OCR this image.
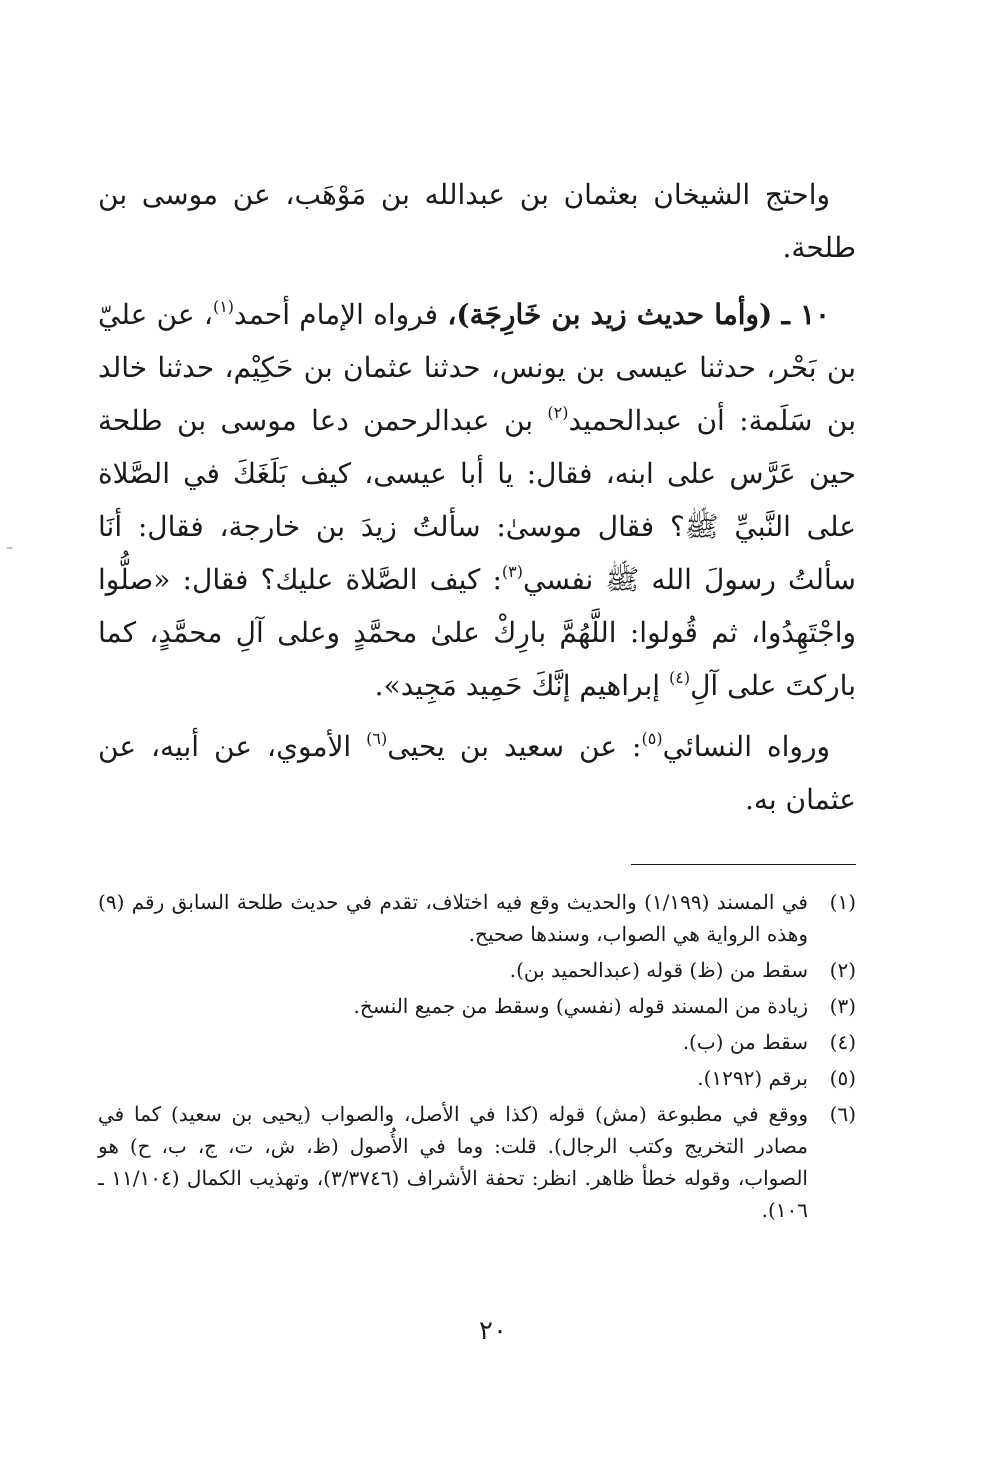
واحتج الشيخان بعثمان بن عبدالله بن مَوْهَب، عن موسى بن طلحة.

١٠ ـ (وأما حديث زيد بن خَارِجَة)، فرواه الإمام أحمد$^{(١)}$، عن عليّ بن بَحْر، حدثنا عيسى بن يونس، حدثنا عثمان بن حَكِيْم، حدثنا خالد بن سَلَمة: أن عبدالحميد$^{(٢)}$ بن عبدالرحمن دعا موسى بن طلحة حين عَرَّس على ابنه، فقال: يا أبا عيسى، كيف بَلَغَكَ في الصَّلاة على النَّبيِّ ﷺ؟ فقال موسىٰ: سألتُ زيدَ بن خارجة، فقال: أنَا سألتُ رسولَ الله ﷺ نفسي$^{(٣)}$: كيف الصَّلاة عليك؟ فقال: «صلُّوا واجْتَهِدُوا، ثم قُولوا: اللَّهُمَّ بارِكْ علىٰ محمَّدٍ وعلى آلِ محمَّدٍ، كما باركتَ على آلِ$^{(٤)}$ إبراهيم إنَّكَ حَمِيد مَجِيد».

ورواه النسائي$^{(٥)}$: عن سعيد بن يحيى$^{(٦)}$ الأموي، عن أبيه، عن عثمان به.

(١)
في المسند (١/١٩٩) والحديث وقع فيه اختلاف، تقدم في حديث طلحة السابق رقم (٩) وهذه الرواية هي الصواب، وسندها صحيح.
(٢)
سقط من (ظ) قوله (عبدالحميد بن).
(٣)
زيادة من المسند قوله (نفسي) وسقط من جميع النسخ.
(٤)
سقط من (ب).
(٥)
برقم (١٢٩٢).
(٦)
ووقع في مطبوعة (مش) قوله (كذا في الأصل، والصواب (يحيى بن سعيد) كما في مصادر التخريج وكتب الرجال). قلت: وما في الأُصول (ظ، ش، ت، ج، ب، ح) هو الصواب، وقوله خطأ ظاهر. انظر: تحفة الأشراف (٣/٣٧٤٦)، وتهذيب الكمال (١١/١٠٤ ـ ١٠٦).
٢٠
–
